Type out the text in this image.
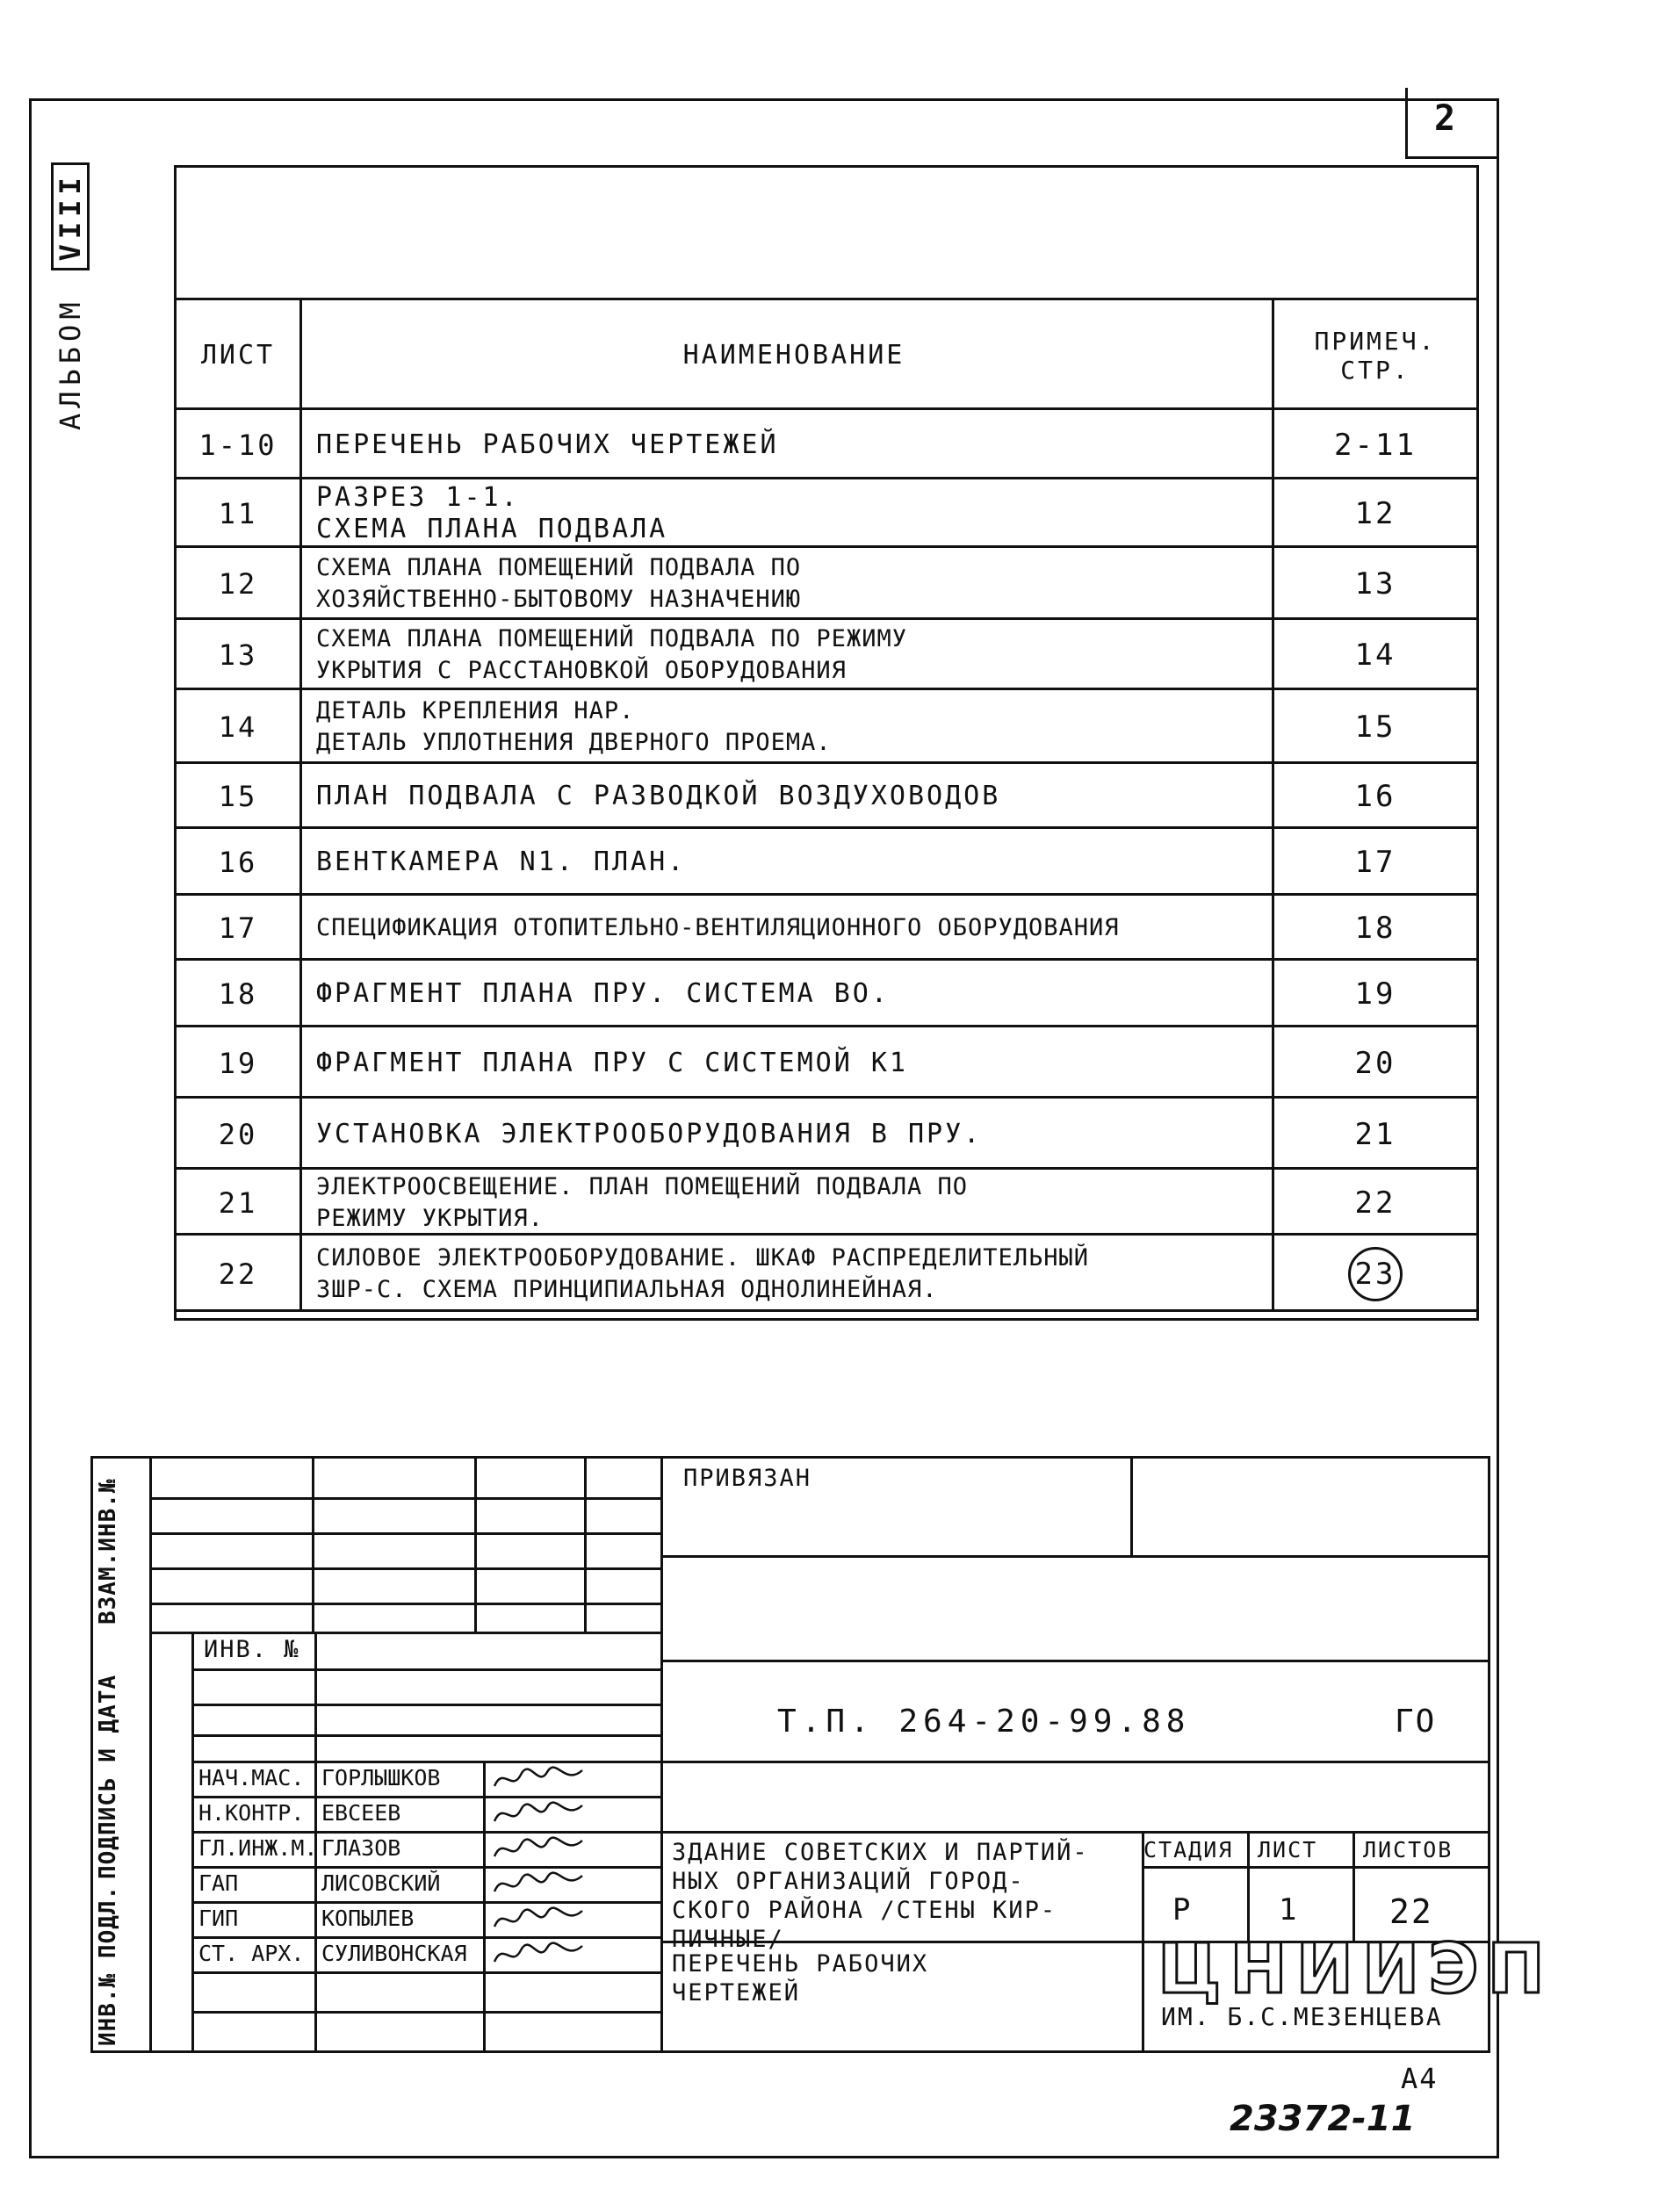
2
АЛЬБОМ
VIII
ЛИСТ	НАИМЕНОВАНИЕ	ПРИМЕЧ. СТР.
1-10	ПЕРЕЧЕНЬ РАБОЧИХ ЧЕРТЕЖЕЙ	2-11
11	РАЗРЕЗ 1-1.
СХЕМА ПЛАНА ПОДВАЛА	12
12	СХЕМА ПЛАНА ПОМЕЩЕНИЙ ПОДВАЛА ПО
ХОЗЯЙСТВЕННО-БЫТОВОМУ НАЗНАЧЕНИЮ	13
13	СХЕМА ПЛАНА ПОМЕЩЕНИЙ ПОДВАЛА ПО РЕЖИМУ
УКРЫТИЯ С РАССТАНОВКОЙ ОБОРУДОВАНИЯ	14
14	ДЕТАЛЬ КРЕПЛЕНИЯ НАР.
ДЕТАЛЬ УПЛОТНЕНИЯ ДВЕРНОГО ПРОЕМА.	15
15	ПЛАН ПОДВАЛА С РАЗВОДКОЙ ВОЗДУХОВОДОВ	16
16	ВЕНТКАМЕРА N1. ПЛАН.	17
17	СПЕЦИФИКАЦИЯ ОТОПИТЕЛЬНО-ВЕНТИЛЯЦИОННОГО ОБОРУДОВАНИЯ	18
18	ФРАГМЕНТ ПЛАНА ПРУ. СИСТЕМА ВО.	19
19	ФРАГМЕНТ ПЛАНА ПРУ С СИСТЕМОЙ К1	20
20	УСТАНОВКА ЭЛЕКТРООБОРУДОВАНИЯ В ПРУ.	21
21	ЭЛЕКТРООСВЕЩЕНИЕ. ПЛАН ПОМЕЩЕНИЙ ПОДВАЛА ПО
РЕЖИМУ УКРЫТИЯ.	22
22	СИЛОВОЕ ЭЛЕКТРООБОРУДОВАНИЕ. ШКАФ РАСПРЕДЕЛИТЕЛЬНЫЙ
ЗШР-С. СХЕМА ПРИНЦИПИАЛЬНАЯ ОДНОЛИНЕЙНАЯ.	23
ВЗАМ.ИНВ.№
ПОДПИСЬ И ДАТА
ИНВ.№ ПОДЛ.
ПРИВЯЗАН
ИНВ. №
Т.П. 264-20-99.88	ГО
НАЧ.МАС. ГОРЛЫШКОВ
Н.КОНТР. ЕВСЕЕВ
ГЛ.ИНЖ.М. ГЛАЗОВ
ГАП	ЛИСОВСКИЙ
ГИП	КОПЫЛЕВ
СТ. АРХ. СУЛИВОНСКАЯ
ЗДАНИЕ СОВЕТСКИХ И ПАРТИЙ-
НЫХ ОРГАНИЗАЦИЙ ГОРОД-
СКОГО РАЙОНА /СТЕНЫ КИР-
ПИЧНЫЕ/
ПЕРЕЧЕНЬ РАБОЧИХ
ЧЕРТЕЖЕЙ
СТАДИЯ ЛИСТ ЛИСТОВ
Р	1	22
ЦНИИЭП
ИМ. Б.С.МЕЗЕНЦЕВА
А4
23372-11
